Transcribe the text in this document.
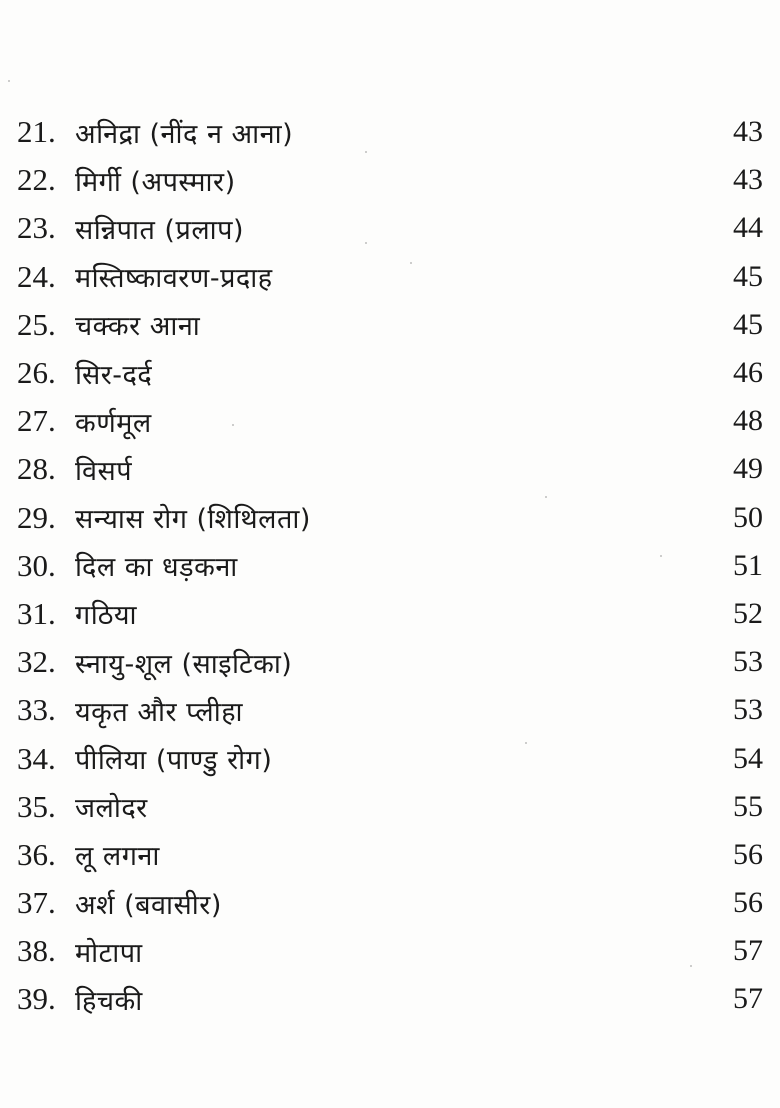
21. अनिद्रा (नींद न आना)	43
22. मिर्गी (अपस्मार)	43
23. सन्निपात (प्रलाप)	44
24. मस्तिष्कावरण-प्रदाह	45
25. चक्कर आना	45
26. सिर-दर्द	46
27. कर्णमूल	48
28. विसर्प	49
29. सन्यास रोग (शिथिलता)	50
30. दिल का धड़कना	51
31. गठिया	52
32. स्नायु-शूल (साइटिका)	53
33. यकृत और प्लीहा	53
34. पीलिया (पाण्डु रोग)	54
35. जलोदर	55
36. लू लगना	56
37. अर्श (बवासीर)	56
38. मोटापा	57
39. हिचकी	57
